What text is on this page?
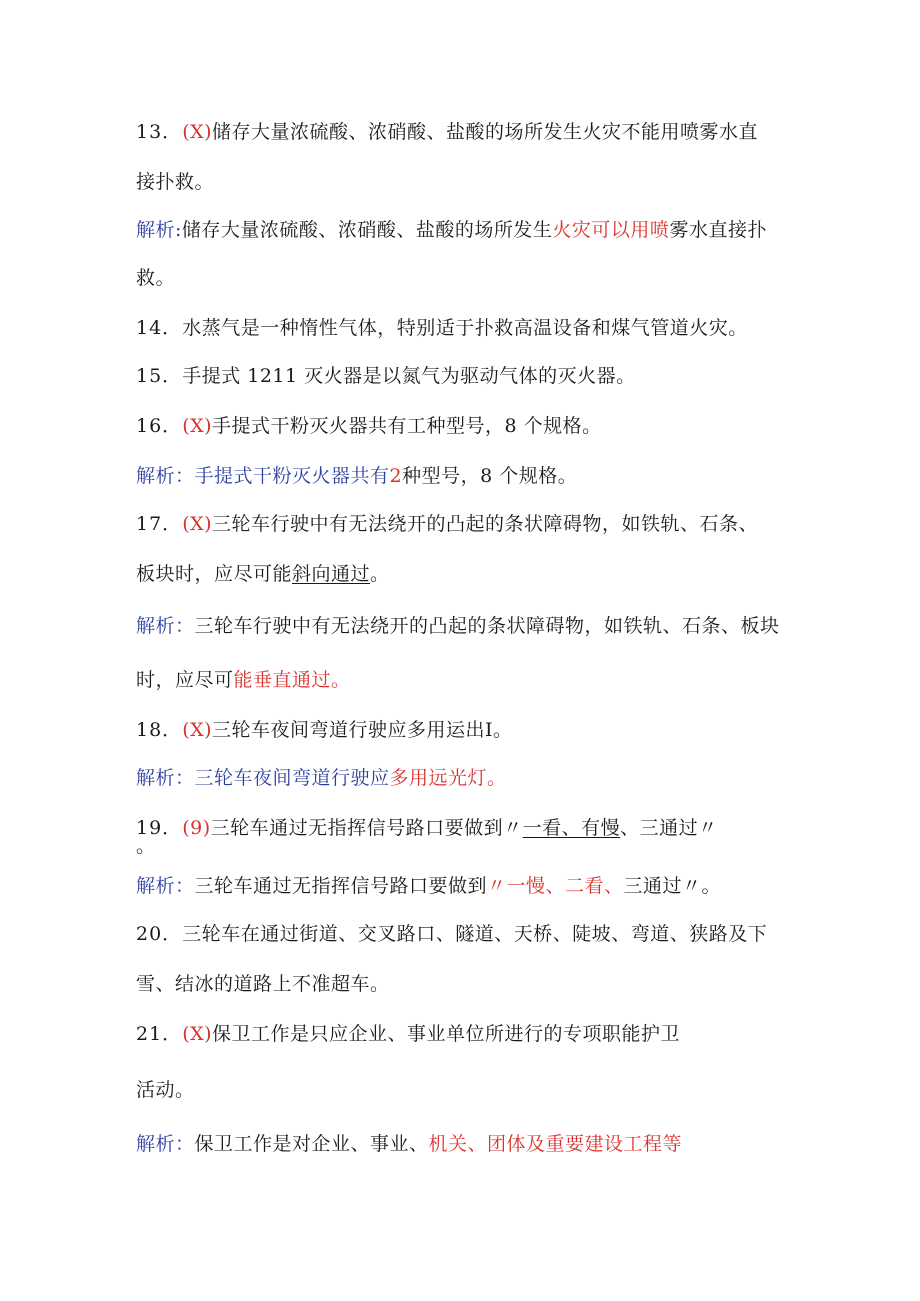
13．(X)储存大量浓硫酸、浓硝酸、盐酸的场所发生火灾不能用喷雾水直
接扑救。
解析:储存大量浓硫酸、浓硝酸、盐酸的场所发生火灾可以用喷雾水直接扑
救。
14．水蒸气是一种惰性气体，特别适于扑救高温设备和煤气管道火灾。
15．手提式 1211 灭火器是以氮气为驱动气体的灭火器。
16．(X)手提式干粉灭火器共有工种型号，8 个规格。
解析：手提式干粉灭火器共有2种型号，8 个规格。
17．(X)三轮车行驶中有无法绕开的凸起的条状障碍物，如铁轨、石条、
板块时，应尽可能斜向通过。
解析：三轮车行驶中有无法绕开的凸起的条状障碍物，如铁轨、石条、板块
时，应尽可能垂直通过。
18．(X)三轮车夜间弯道行驶应多用运出Ⅰ。
解析：三轮车夜间弯道行驶应多用远光灯。
19．(9)三轮车通过无指挥信号路口要做到〃一看、有慢、三通过〃
。
解析：三轮车通过无指挥信号路口要做到〃一慢、二看、三通过〃。
20．三轮车在通过街道、交叉路口、隧道、天桥、陡坡、弯道、狭路及下
雪、结冰的道路上不准超车。
21．(X)保卫工作是只应企业、事业单位所进行的专项职能护卫
活动。
解析：保卫工作是对企业、事业、机关、团体及重要建设工程等
